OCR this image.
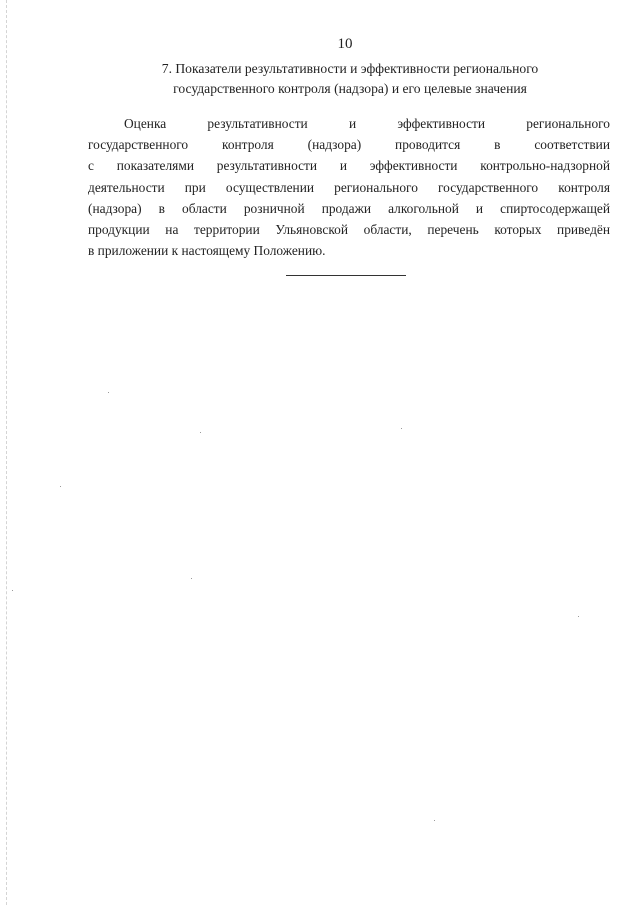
10
7. Показатели результативности и эффективности регионального
государственного контроля (надзора) и его целевые значения
Оценка результативности и эффективности регионального
государственного контроля (надзора) проводится в соответствии
с показателями результативности и эффективности контрольно-надзорной
деятельности при осуществлении регионального государственного контроля
(надзора) в области розничной продажи алкогольной и спиртосодержащей
продукции на территории Ульяновской области, перечень которых приведён
в приложении к настоящему Положению.
